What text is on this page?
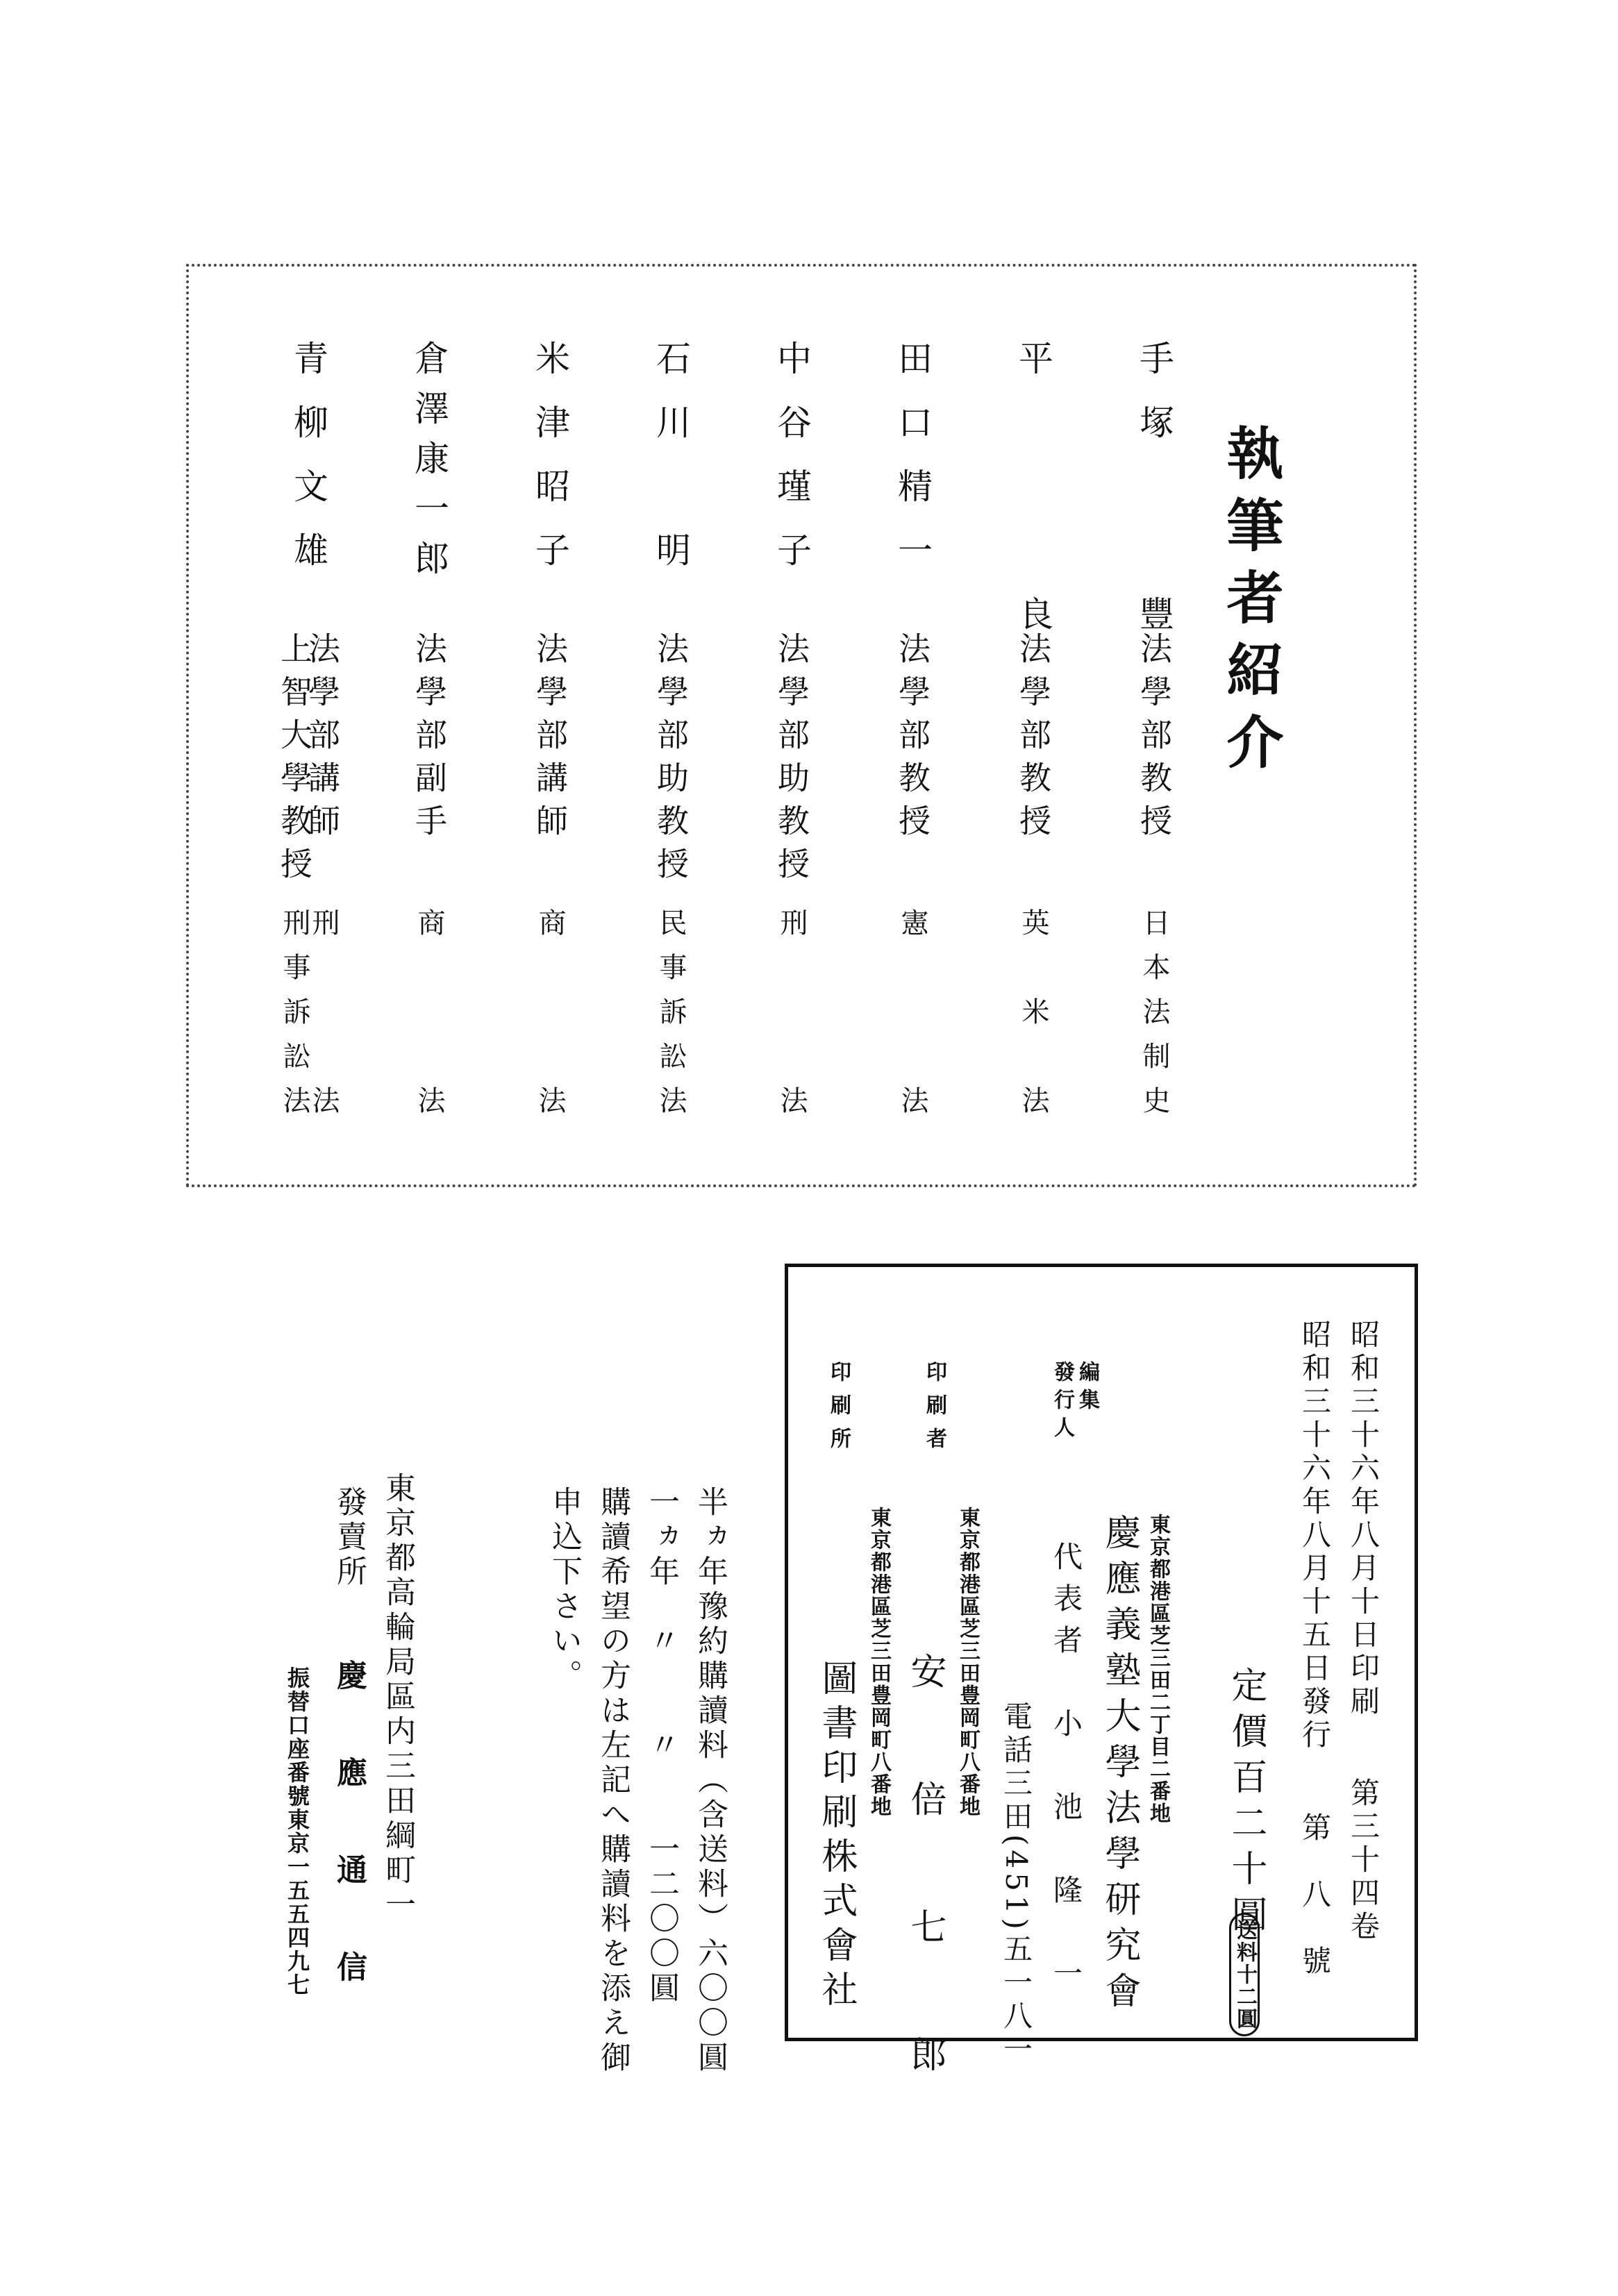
執筆者紹介
手塚　　豐
法學部教授
日本法制史
平　　　良
法學部教授
英　米　法
田口精一
法學部教授
憲　　　法
中谷瑾子
法學部助教授
刑　　　法
石川　明
法學部助教授
民事訴訟法
米津昭子
法學部講師
商　　　法
倉澤康一郎
法學部副手
商　　　法
青柳文雄
法學部講師
上智大學教授
刑　　　法
刑事訴訟法
昭和三十六年八月十日印刷
昭和三十六年八月十五日發行
第三十四卷
第　八　號
定價百二十圓
送料十二圓
編集
發行人
東京都港區芝三田二丁目二番地
慶應義塾大學法學研究會
代表者　小　池　隆　一
電話三田(451)五一八一
印刷者
東京都港區芝三田豊岡町八番地
安　倍　七　郎
印刷所
東京都港區芝三田豊岡町八番地
圖書印刷株式會社
半ヵ年豫約購讀料（含送料）六〇〇圓
一ヵ年　〃　　〃　　一二〇〇圓
購讀希望の方は左記へ購讀料を添え御
申込下さい。
東京都高輪局區内三田綱町一
發賣所
慶　應　通　信
振替口座番號東京一五五四九七
